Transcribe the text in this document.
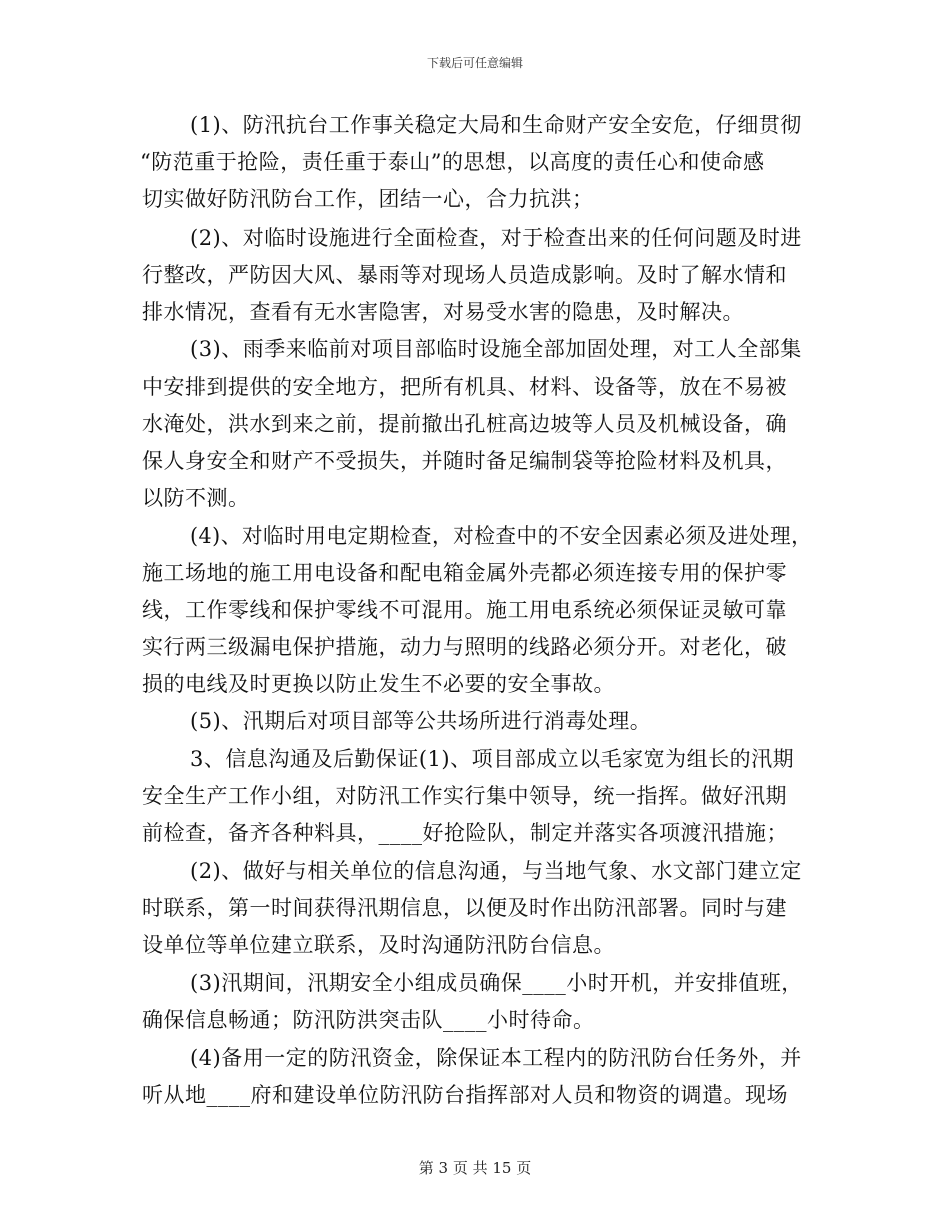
下载后可任意编辑
(1)、防汛抗台工作事关稳定大局和生命财产安全安危，仔细贯彻
“防范重于抢险，责任重于泰山”的思想，以高度的责任心和使命感
切实做好防汛防台工作，团结一心，合力抗洪；
(2)、对临时设施进行全面检查，对于检查出来的任何问题及时进
行整改，严防因大风、暴雨等对现场人员造成影响。及时了解水情和
排水情况，查看有无水害隐害，对易受水害的隐患，及时解决。
(3)、雨季来临前对项目部临时设施全部加固处理，对工人全部集
中安排到提供的安全地方，把所有机具、材料、设备等，放在不易被
水淹处，洪水到来之前，提前撤出孔桩高边坡等人员及机械设备，确
保人身安全和财产不受损失，并随时备足编制袋等抢险材料及机具，
以防不测。
(4)、对临时用电定期检查，对检查中的不安全因素必须及进处理，
施工场地的施工用电设备和配电箱金属外壳都必须连接专用的保护零
线，工作零线和保护零线不可混用。施工用电系统必须保证灵敏可靠
实行两三级漏电保护措施，动力与照明的线路必须分开。对老化，破
损的电线及时更换以防止发生不必要的安全事故。
(5)、汛期后对项目部等公共场所进行消毒处理。
3、信息沟通及后勤保证(1)、项目部成立以毛家宽为组长的汛期
安全生产工作小组，对防汛工作实行集中领导，统一指挥。做好汛期
前检查，备齐各种料具，____好抢险队，制定并落实各项渡汛措施；
(2)、做好与相关单位的信息沟通，与当地气象、水文部门建立定
时联系，第一时间获得汛期信息，以便及时作出防汛部署。同时与建
设单位等单位建立联系，及时沟通防汛防台信息。
(3)汛期间，汛期安全小组成员确保____小时开机，并安排值班，
确保信息畅通；防汛防洪突击队____小时待命。
(4)备用一定的防汛资金，除保证本工程内的防汛防台任务外，并
听从地____府和建设单位防汛防台指挥部对人员和物资的调遣。现场
第 3 页 共 15 页
